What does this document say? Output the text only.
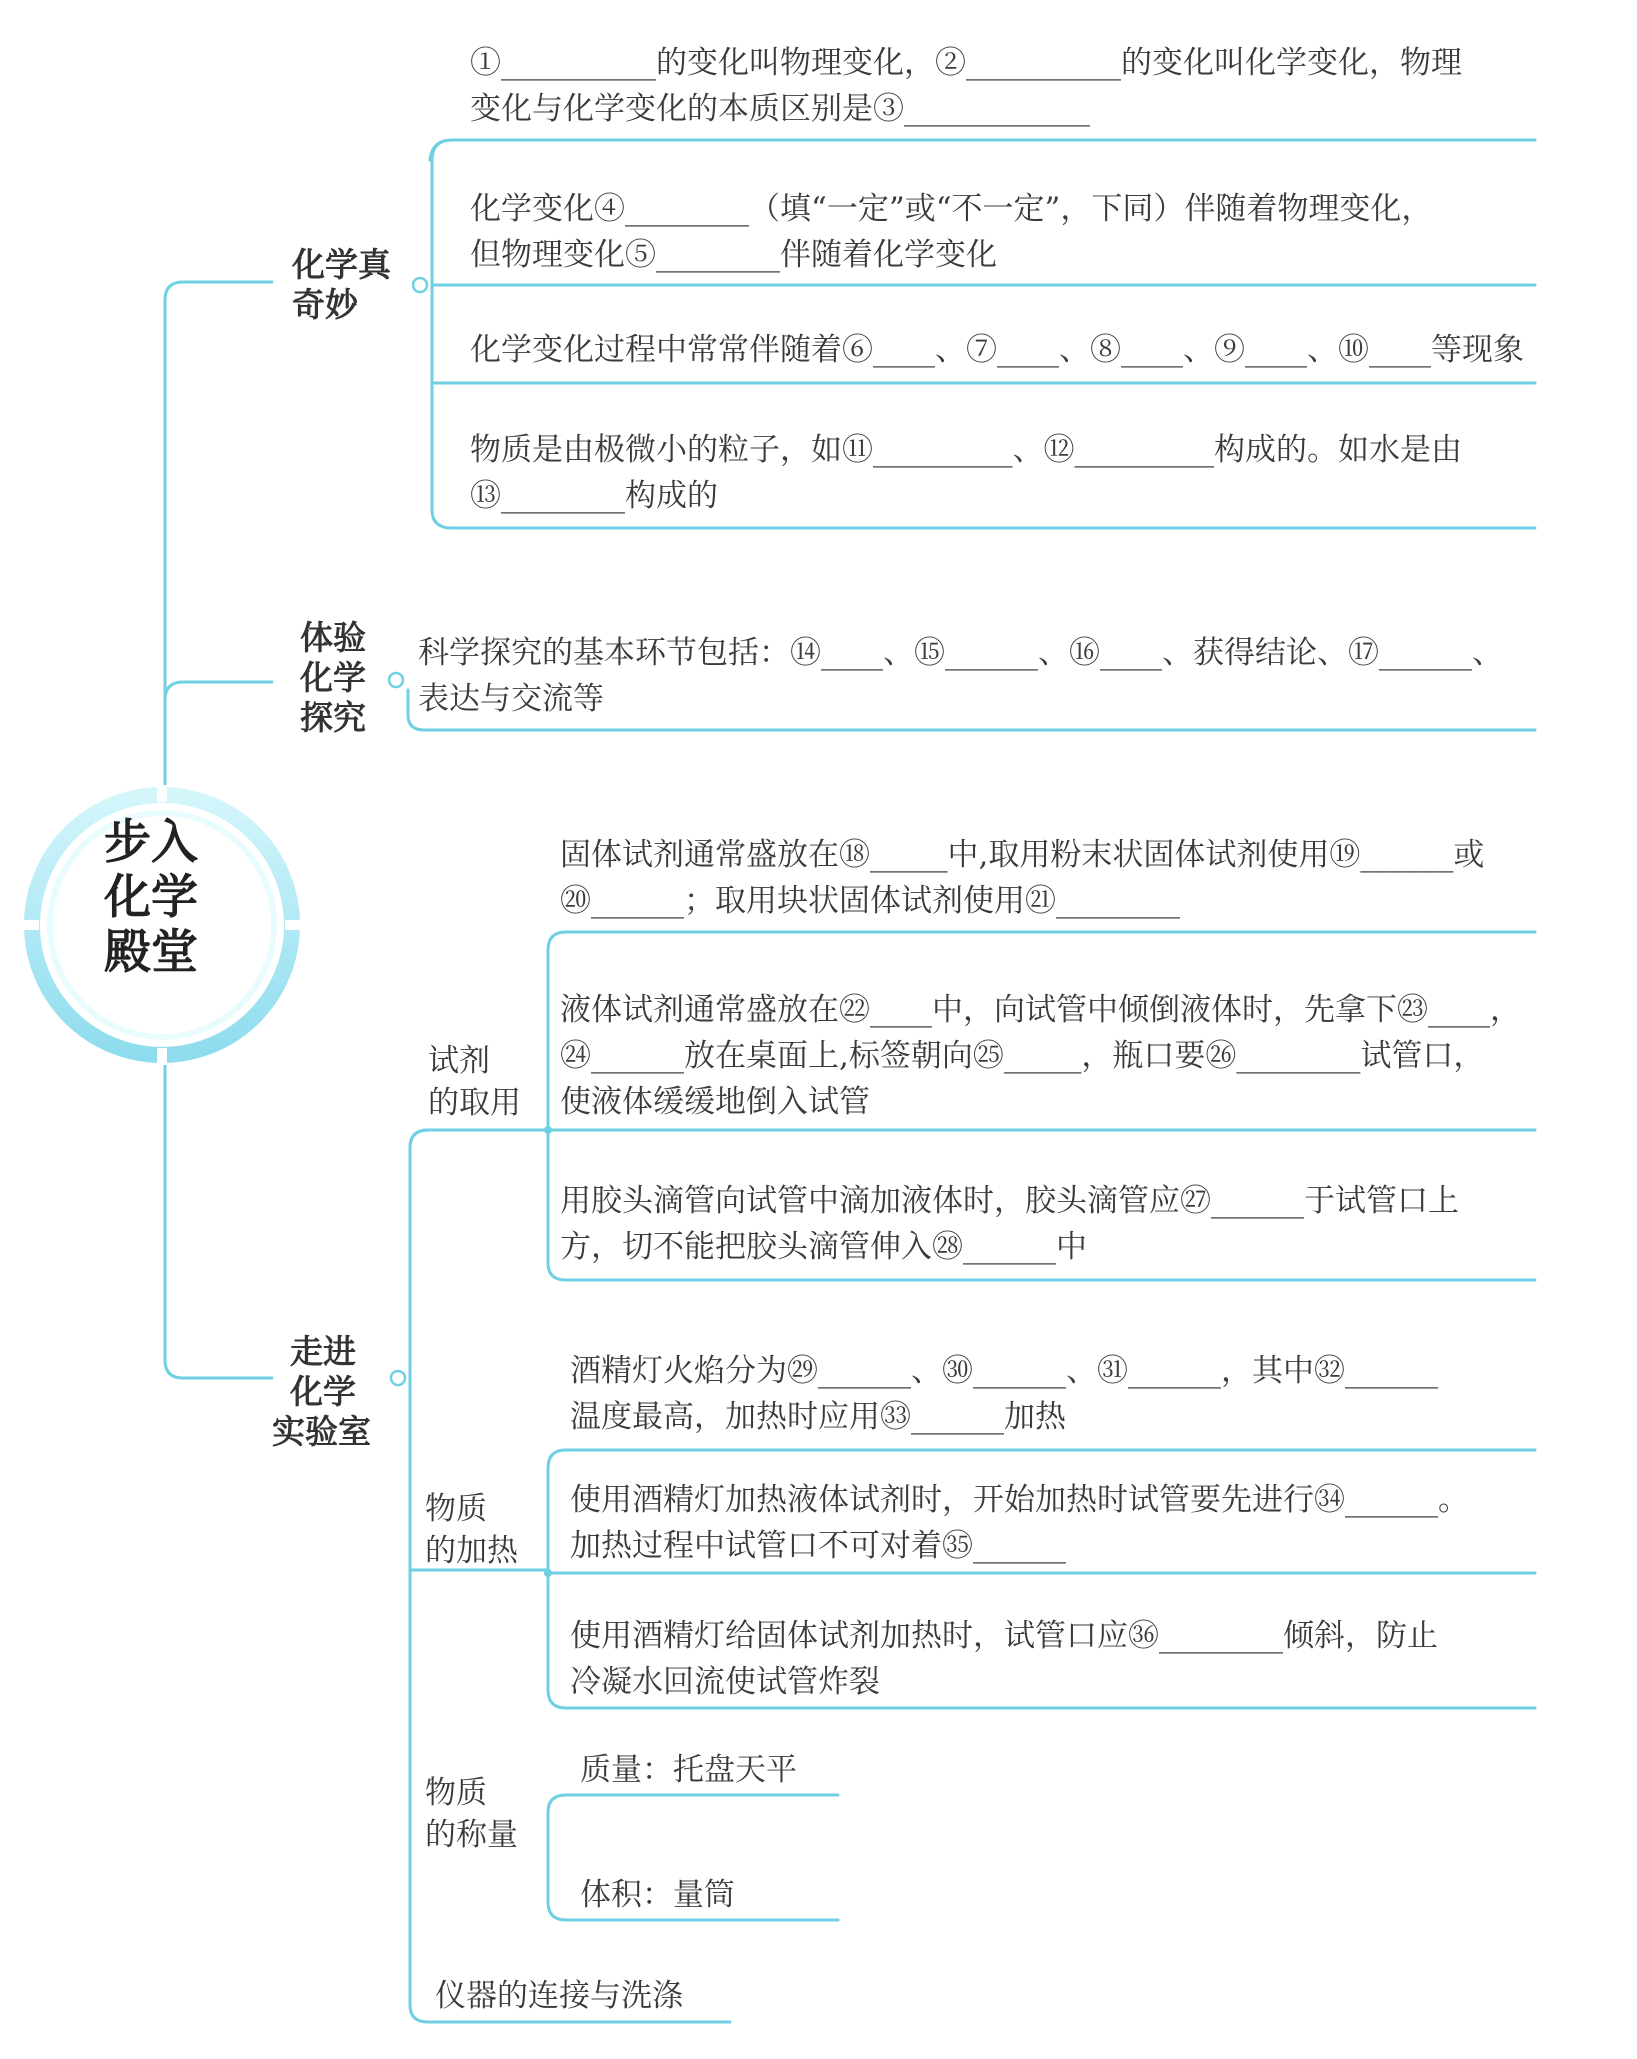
步入
化学
殿堂
化学真
奇妙
①__________的变化叫物理变化，②__________的变化叫化学变化，物理
变化与化学变化的本质区别是③____________
化学变化④________（填“一定”或“不一定”，下同）伴随着物理变化，
但物理变化⑤________伴随着化学变化
化学变化过程中常常伴随着⑥____、⑦____、⑧____、⑨____、⑩____等现象
物质是由极微小的粒子，如⑪_________、⑫_________构成的。如水是由
⑬________构成的
体验
化学
探究
科学探究的基本环节包括：⑭____、⑮______、⑯____、获得结论、⑰______、
表达与交流等
走进
化学
实验室
试剂
的取用
固体试剂通常盛放在⑱_____中,取用粉末状固体试剂使用⑲______或
⑳______；取用块状固体试剂使用㉑________
液体试剂通常盛放在㉒____中，向试管中倾倒液体时，先拿下㉓____，
㉔______放在桌面上,标签朝向㉕_____，瓶口要㉖________试管口，
使液体缓缓地倒入试管
用胶头滴管向试管中滴加液体时，胶头滴管应㉗______于试管口上
方，切不能把胶头滴管伸入㉘______中
物质
的加热
酒精灯火焰分为㉙______、㉚______、㉛______，其中㉜______
温度最高，加热时应用㉝______加热
使用酒精灯加热液体试剂时，开始加热时试管要先进行㉞______。
加热过程中试管口不可对着㉟______
使用酒精灯给固体试剂加热时，试管口应㊱________倾斜，防止
冷凝水回流使试管炸裂
物质
的称量
质量：托盘天平
体积：量筒
仪器的连接与洗涤
